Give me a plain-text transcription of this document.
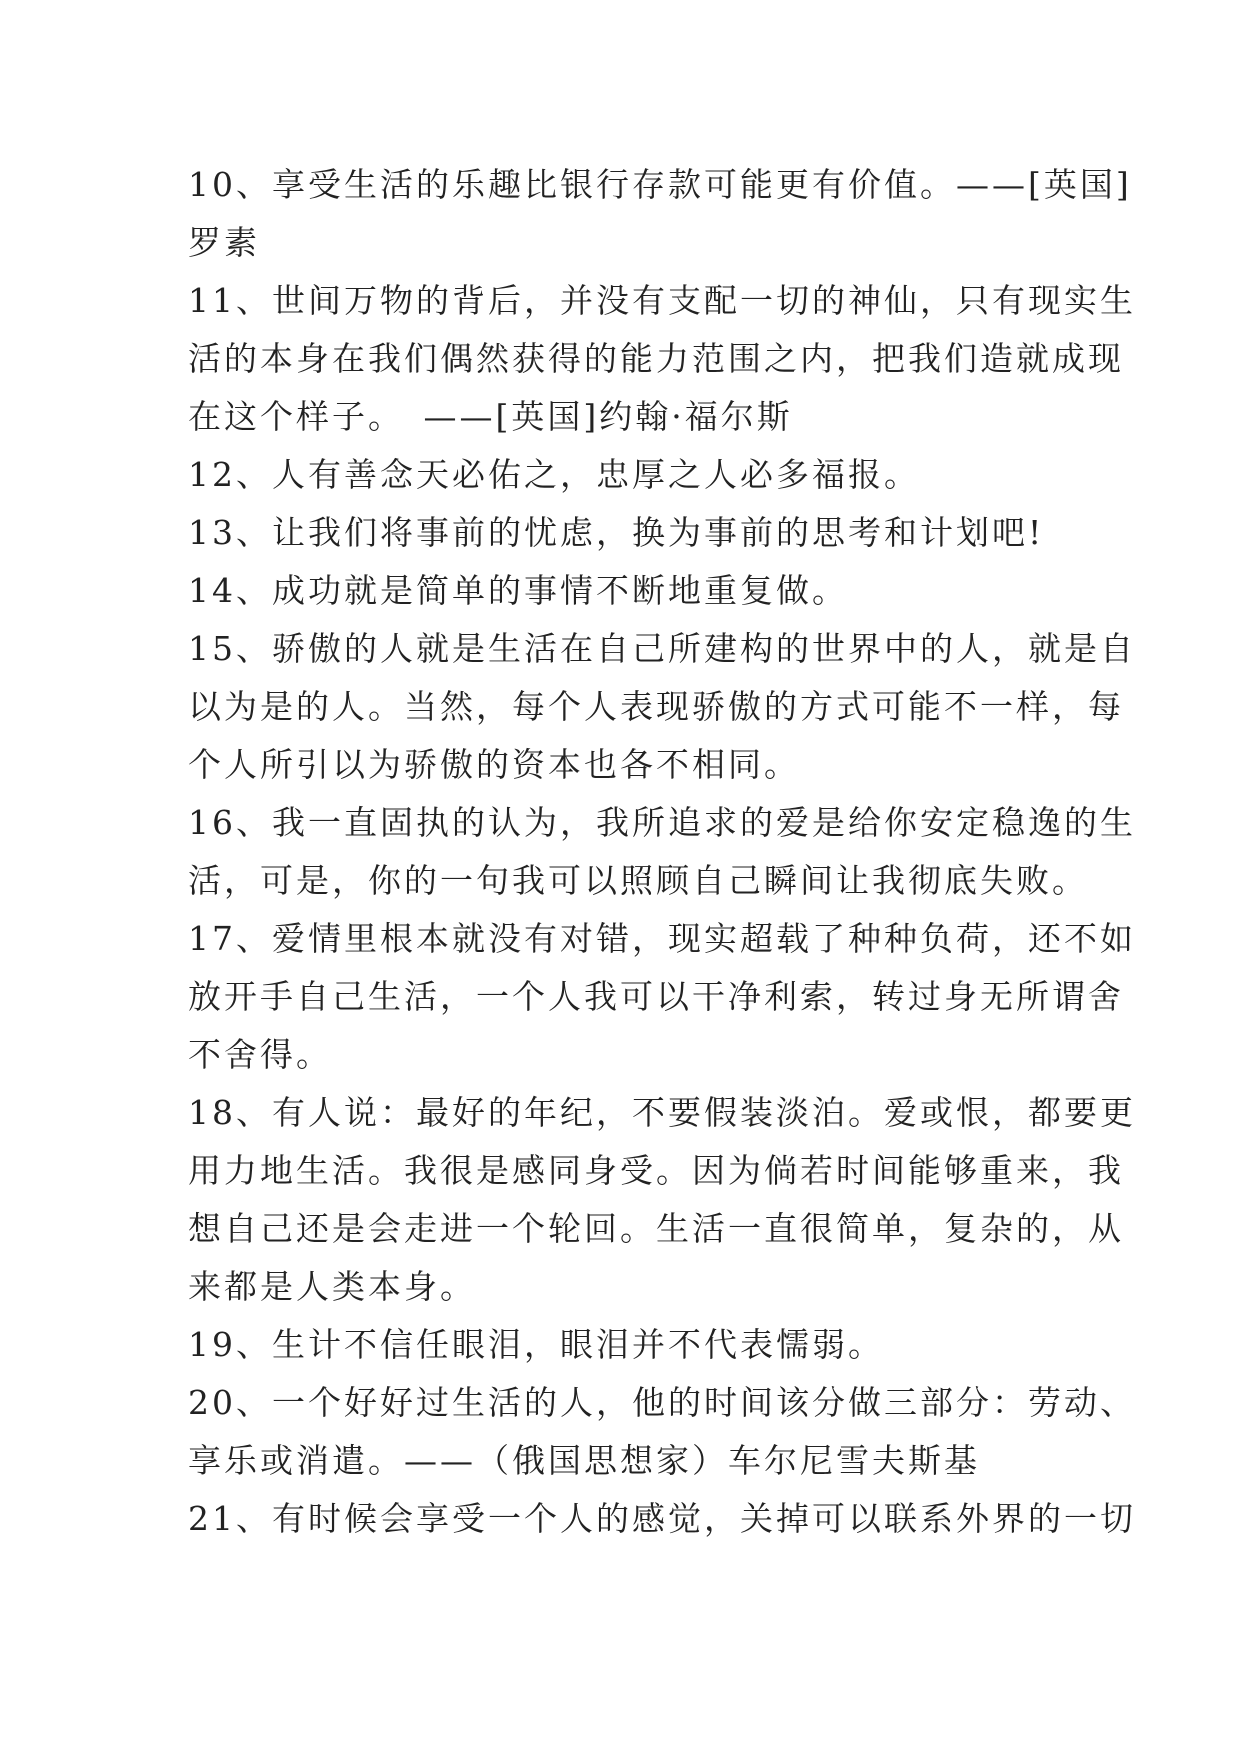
10、享受生活的乐趣比银行存款可能更有价值。——[英国]
罗素
11、世间万物的背后，并没有支配一切的神仙，只有现实生
活的本身在我们偶然获得的能力范围之内，把我们造就成现
在这个样子。　——[英国]约翰·福尔斯
12、人有善念天必佑之，忠厚之人必多福报。
13、让我们将事前的忧虑，换为事前的思考和计划吧!
14、成功就是简单的事情不断地重复做。
15、骄傲的人就是生活在自己所建构的世界中的人，就是自
以为是的人。当然，每个人表现骄傲的方式可能不一样，每
个人所引以为骄傲的资本也各不相同。
16、我一直固执的认为，我所追求的爱是给你安定稳逸的生
活，可是，你的一句我可以照顾自己瞬间让我彻底失败。
17、爱情里根本就没有对错，现实超载了种种负荷，还不如
放开手自己生活，一个人我可以干净利索，转过身无所谓舍
不舍得。
18、有人说：最好的年纪，不要假装淡泊。爱或恨，都要更
用力地生活。我很是感同身受。因为倘若时间能够重来，我
想自己还是会走进一个轮回。生活一直很简单，复杂的，从
来都是人类本身。
19、生计不信任眼泪，眼泪并不代表懦弱。
20、一个好好过生活的人，他的时间该分做三部分：劳动、
享乐或消遣。——（俄国思想家）车尔尼雪夫斯基
21、有时候会享受一个人的感觉，关掉可以联系外界的一切
